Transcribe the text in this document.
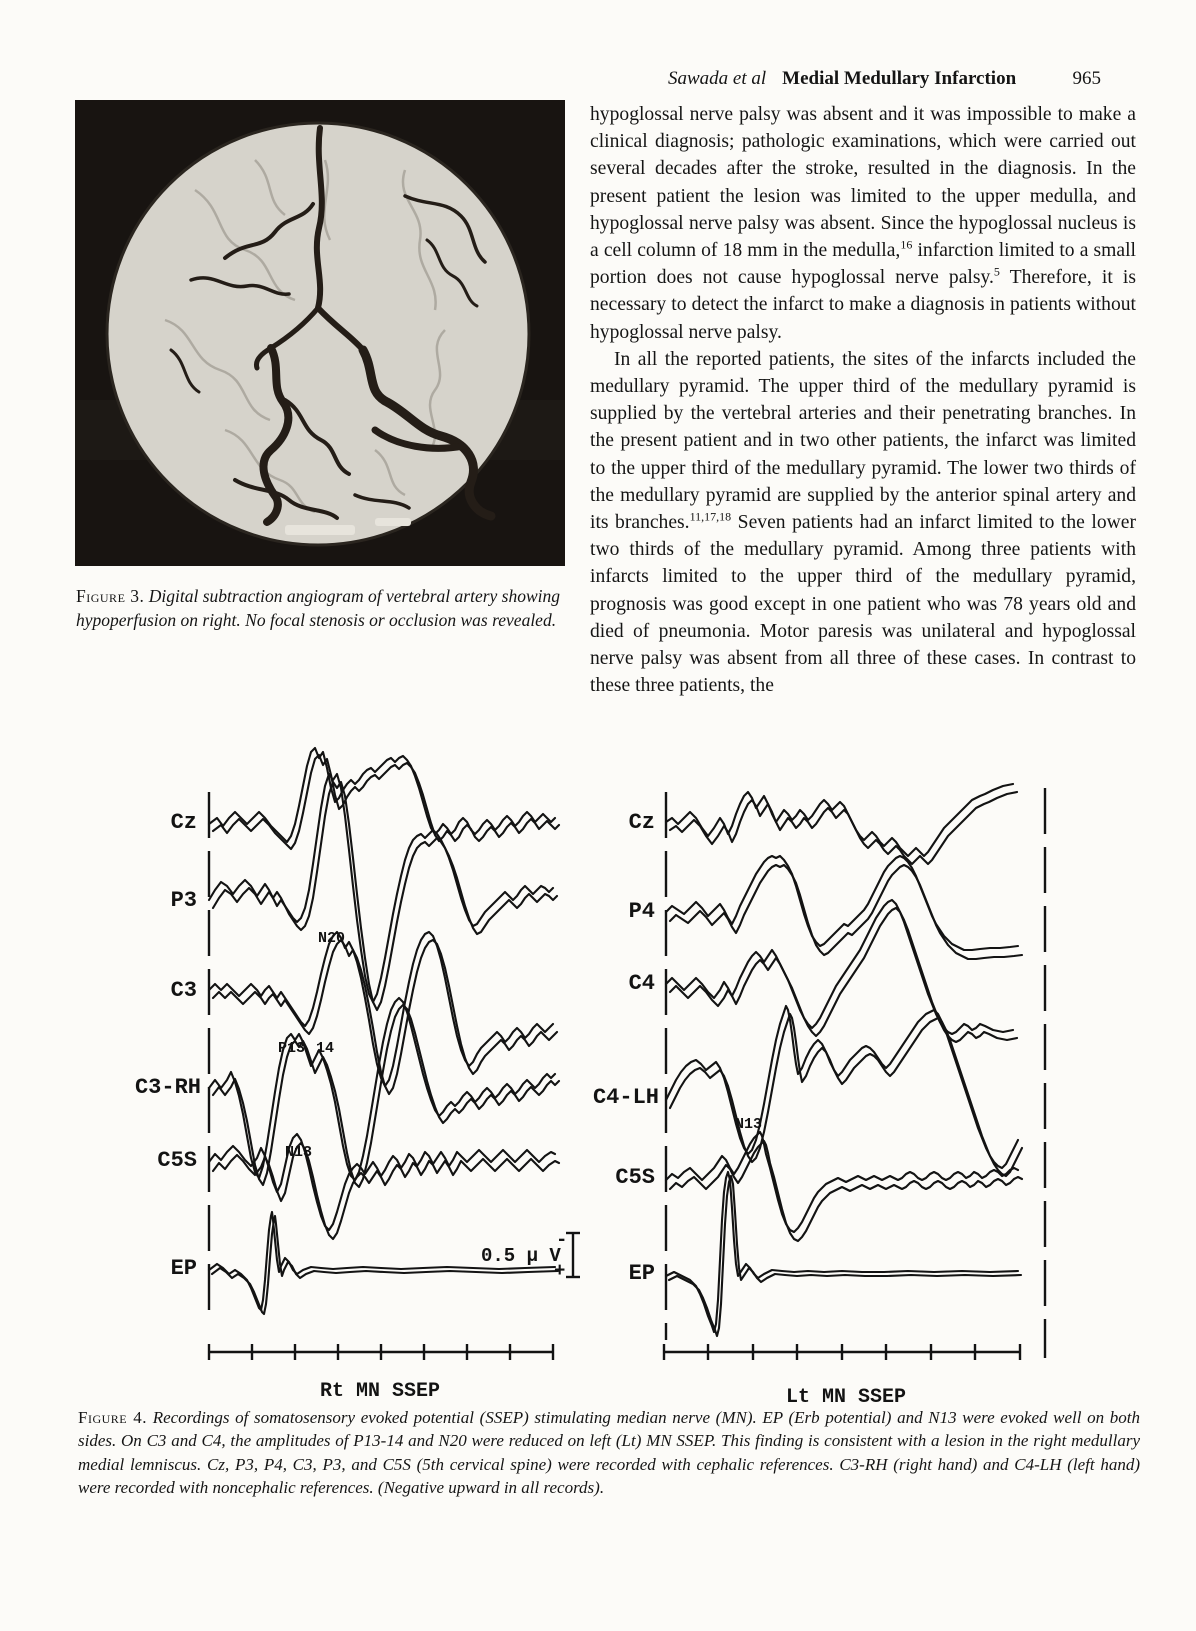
Sawada et al Medial Medullary Infarction	965
Figure 3. Digital subtraction angiogram of vertebral artery showing hypoperfusion on right. No focal stenosis or occlusion was revealed.

hypoglossal nerve palsy was absent and it was impossible to make a clinical diagnosis; pathologic examinations, which were carried out several decades after the stroke, resulted in the diagnosis. In the present patient the lesion was limited to the upper medulla, and hypoglossal nerve palsy was absent. Since the hypoglossal nucleus is a cell column of 18 mm in the medulla,$^{16}$ infarction limited to a small portion does not cause hypoglossal nerve palsy.$^5$ Therefore, it is necessary to detect the infarct to make a diagnosis in patients without hypoglossal nerve palsy.

In all the reported patients, the sites of the infarcts included the medullary pyramid. The upper third of the medullary pyramid is supplied by the vertebral arteries and their penetrating branches. In the present patient and in two other patients, the infarct was limited to the upper third of the medullary pyramid. The lower two thirds of the medullary pyramid are supplied by the anterior spinal artery and its branches.$^{11,17,18}$ Seven patients had an infarct limited to the lower two thirds of the medullary pyramid. Among three patients with infarcts limited to the upper third of the medullary pyramid, prognosis was good except in one patient who was 78 years old and died of pneumonia. Motor paresis was unilateral and hypoglossal nerve palsy was absent from all three of these cases. In contrast to these three patients, the

Cz
P3
C3
C3-RH
C5S
EP
N20
P13 14
N13
0.5 μ V
-
+
Rt MN SSEP
Cz
P4
C4
C4-LH
C5S
EP
N13
Lt MN SSEP
Figure 4. Recordings of somatosensory evoked potential (SSEP) stimulating median nerve (MN). EP (Erb potential) and N13 were evoked well on both sides. On C3 and C4, the amplitudes of P13-14 and N20 were reduced on left (Lt) MN SSEP. This finding is consistent with a lesion in the right medullary medial lemniscus. Cz, P3, P4, C3, P3, and C5S (5th cervical spine) were recorded with cephalic references. C3-RH (right hand) and C4-LH (left hand) were recorded with noncephalic references. (Negative upward in all records).
